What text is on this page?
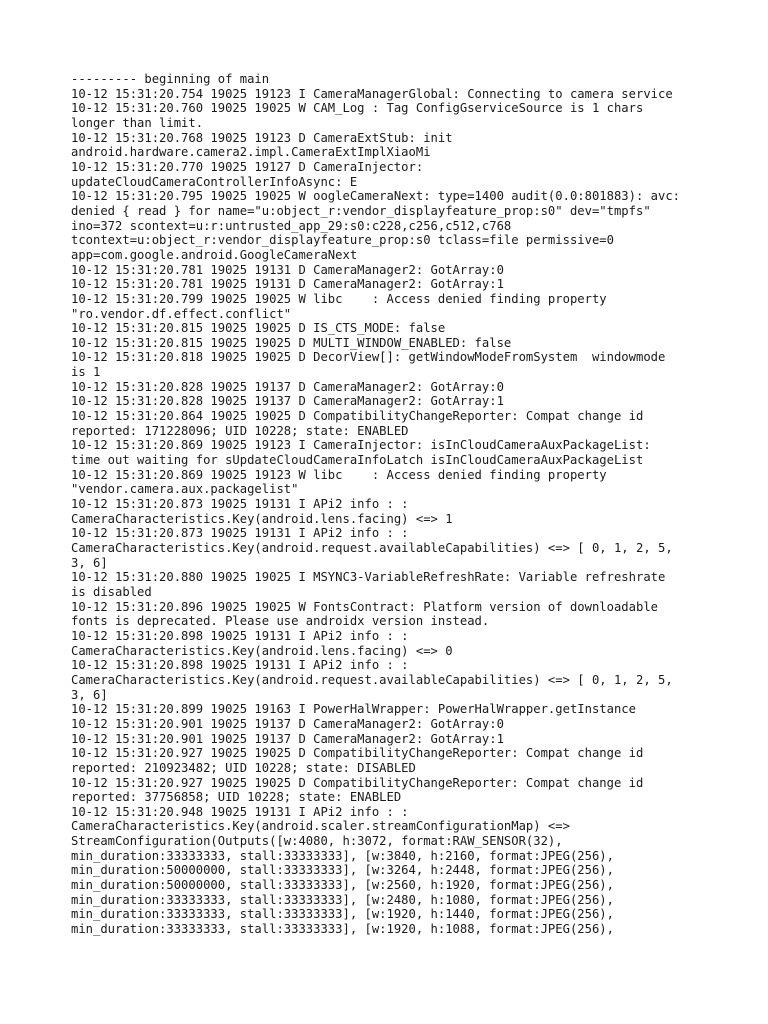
--------- beginning of main
10-12 15:31:20.754 19025 19123 I CameraManagerGlobal: Connecting to camera service
10-12 15:31:20.760 19025 19025 W CAM_Log : Tag ConfigGserviceSource is 1 chars
longer than limit.
10-12 15:31:20.768 19025 19123 D CameraExtStub: init
android.hardware.camera2.impl.CameraExtImplXiaoMi
10-12 15:31:20.770 19025 19127 D CameraInjector:
updateCloudCameraControllerInfoAsync: E
10-12 15:31:20.795 19025 19025 W oogleCameraNext: type=1400 audit(0.0:801883): avc:
denied { read } for name="u:object_r:vendor_displayfeature_prop:s0" dev="tmpfs"
ino=372 scontext=u:r:untrusted_app_29:s0:c228,c256,c512,c768
tcontext=u:object_r:vendor_displayfeature_prop:s0 tclass=file permissive=0
app=com.google.android.GoogleCameraNext
10-12 15:31:20.781 19025 19131 D CameraManager2: GotArray:0
10-12 15:31:20.781 19025 19131 D CameraManager2: GotArray:1
10-12 15:31:20.799 19025 19025 W libc    : Access denied finding property
"ro.vendor.df.effect.conflict"
10-12 15:31:20.815 19025 19025 D IS_CTS_MODE: false
10-12 15:31:20.815 19025 19025 D MULTI_WINDOW_ENABLED: false
10-12 15:31:20.818 19025 19025 D DecorView[]: getWindowModeFromSystem  windowmode
is 1
10-12 15:31:20.828 19025 19137 D CameraManager2: GotArray:0
10-12 15:31:20.828 19025 19137 D CameraManager2: GotArray:1
10-12 15:31:20.864 19025 19025 D CompatibilityChangeReporter: Compat change id
reported: 171228096; UID 10228; state: ENABLED
10-12 15:31:20.869 19025 19123 I CameraInjector: isInCloudCameraAuxPackageList:
time out waiting for sUpdateCloudCameraInfoLatch isInCloudCameraAuxPackageList
10-12 15:31:20.869 19025 19123 W libc    : Access denied finding property
"vendor.camera.aux.packagelist"
10-12 15:31:20.873 19025 19131 I APi2 info : :
CameraCharacteristics.Key(android.lens.facing) <=> 1
10-12 15:31:20.873 19025 19131 I APi2 info : :
CameraCharacteristics.Key(android.request.availableCapabilities) <=> [ 0, 1, 2, 5,
3, 6]
10-12 15:31:20.880 19025 19025 I MSYNC3-VariableRefreshRate: Variable refreshrate
is disabled
10-12 15:31:20.896 19025 19025 W FontsContract: Platform version of downloadable
fonts is deprecated. Please use androidx version instead.
10-12 15:31:20.898 19025 19131 I APi2 info : :
CameraCharacteristics.Key(android.lens.facing) <=> 0
10-12 15:31:20.898 19025 19131 I APi2 info : :
CameraCharacteristics.Key(android.request.availableCapabilities) <=> [ 0, 1, 2, 5,
3, 6]
10-12 15:31:20.899 19025 19163 I PowerHalWrapper: PowerHalWrapper.getInstance
10-12 15:31:20.901 19025 19137 D CameraManager2: GotArray:0
10-12 15:31:20.901 19025 19137 D CameraManager2: GotArray:1
10-12 15:31:20.927 19025 19025 D CompatibilityChangeReporter: Compat change id
reported: 210923482; UID 10228; state: DISABLED
10-12 15:31:20.927 19025 19025 D CompatibilityChangeReporter: Compat change id
reported: 37756858; UID 10228; state: ENABLED
10-12 15:31:20.948 19025 19131 I APi2 info : :
CameraCharacteristics.Key(android.scaler.streamConfigurationMap) <=>
StreamConfiguration(Outputs([w:4080, h:3072, format:RAW_SENSOR(32),
min_duration:33333333, stall:33333333], [w:3840, h:2160, format:JPEG(256),
min_duration:50000000, stall:33333333], [w:3264, h:2448, format:JPEG(256),
min_duration:50000000, stall:33333333], [w:2560, h:1920, format:JPEG(256),
min_duration:33333333, stall:33333333], [w:2480, h:1080, format:JPEG(256),
min_duration:33333333, stall:33333333], [w:1920, h:1440, format:JPEG(256),
min_duration:33333333, stall:33333333], [w:1920, h:1088, format:JPEG(256),
